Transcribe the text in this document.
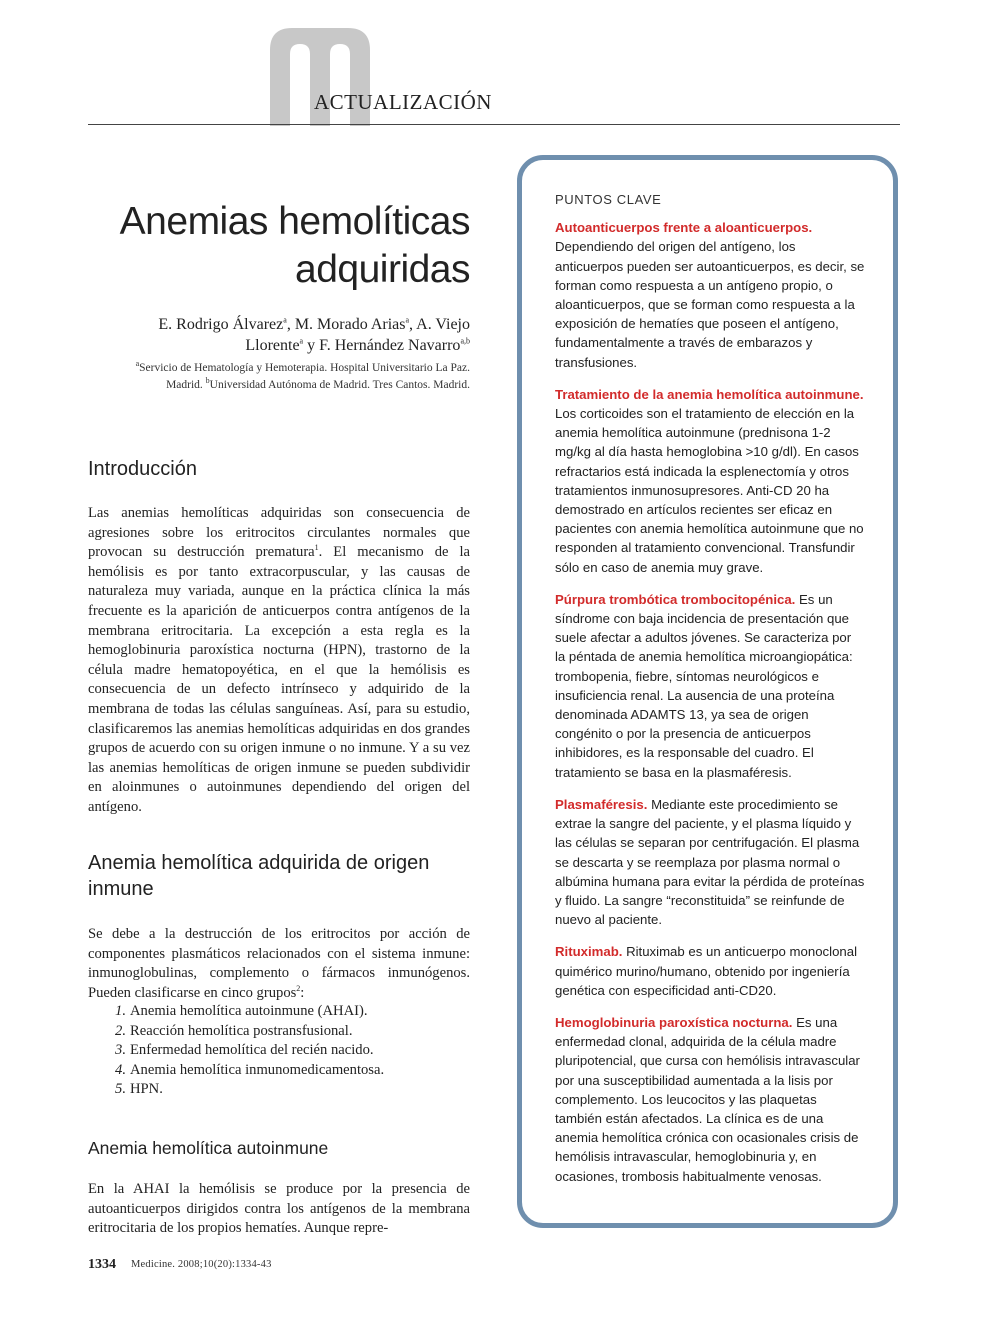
ACTUALIZACIÓN
Anemias hemolíticas
adquiridas
E. Rodrigo Álvarez$^a$, M. Morado Arias$^a$, A. Viejo
Llorente$^a$ y F. Hernández Navarro$^{a,b}$
$^a$Servicio de Hematología y Hemoterapia. Hospital Universitario La Paz.
Madrid. $^b$Universidad Autónoma de Madrid. Tres Cantos. Madrid.
Introducción
Las anemias hemolíticas adquiridas son consecuencia de agresiones sobre los eritrocitos circulantes normales que provocan su destrucción prematura$^1$. El mecanismo de la hemólisis es por tanto extracorpuscular, y las causas de naturaleza muy variada, aunque en la práctica clínica la más frecuente es la aparición de anticuerpos contra antígenos de la membrana eritrocitaria. La excepción a esta regla es la hemoglobinuria paroxística nocturna (HPN), trastorno de la célula madre hematopoyética, en el que la hemólisis es consecuencia de un defecto intrínseco y adquirido de la membrana de todas las células sanguíneas. Así, para su estudio, clasificaremos las anemias hemolíticas adquiridas en dos grandes grupos de acuerdo con su origen inmune o no inmune. Y a su vez las anemias hemolíticas de origen inmune se pueden subdividir en aloinmunes o autoinmunes dependiendo del origen del antígeno.
Anemia hemolítica adquirida de origen inmune
Se debe a la destrucción de los eritrocitos por acción de componentes plasmáticos relacionados con el sistema inmune: inmunoglobulinas, complemento o fármacos inmunógenos. Pueden clasificarse en cinco grupos$^2$:
1. Anemia hemolítica autoinmune (AHAI).
2. Reacción hemolítica postransfusional.
3. Enfermedad hemolítica del recién nacido.
4. Anemia hemolítica inmunomedicamentosa.
5. HPN.
Anemia hemolítica autoinmune
En la AHAI la hemólisis se produce por la presencia de autoanticuerpos dirigidos contra los antígenos de la membrana eritrocitaria de los propios hematíes. Aunque repre-
1334 Medicine. 2008;10(20):1334-43
PUNTOS CLAVE
Autoanticuerpos frente a aloanticuerpos.
Dependiendo del origen del antígeno, los anticuerpos pueden ser autoanticuerpos, es decir, se forman como respuesta a un antígeno propio, o aloanticuerpos, que se forman como respuesta a la exposición de hematíes que poseen el antígeno, fundamentalmente a través de embarazos y transfusiones.
Tratamiento de la anemia hemolítica autoinmune.
Los corticoides son el tratamiento de elección en la anemia hemolítica autoinmune (prednisona 1-2 mg/kg al día hasta hemoglobina >10 g/dl). En casos refractarios está indicada la esplenectomía y otros tratamientos inmunosupresores. Anti-CD 20 ha demostrado en artículos recientes ser eficaz en pacientes con anemia hemolítica autoinmune que no responden al tratamiento convencional. Transfundir sólo en caso de anemia muy grave.
Púrpura trombótica trombocitopénica. Es un síndrome con baja incidencia de presentación que suele afectar a adultos jóvenes. Se caracteriza por la péntada de anemia hemolítica microangiopática: trombopenia, fiebre, síntomas neurológicos e insuficiencia renal. La ausencia de una proteína denominada ADAMTS 13, ya sea de origen congénito o por la presencia de anticuerpos inhibidores, es la responsable del cuadro. El tratamiento se basa en la plasmaféresis.
Plasmaféresis. Mediante este procedimiento se extrae la sangre del paciente, y el plasma líquido y las células se separan por centrifugación. El plasma se descarta y se reemplaza por plasma normal o albúmina humana para evitar la pérdida de proteínas y fluido. La sangre “reconstituida” se reinfunde de nuevo al paciente.
Rituximab. Rituximab es un anticuerpo monoclonal quimérico murino/humano, obtenido por ingeniería genética con especificidad anti-CD20.
Hemoglobinuria paroxística nocturna. Es una enfermedad clonal, adquirida de la célula madre pluripotencial, que cursa con hemólisis intravascular por una susceptibilidad aumentada a la lisis por complemento. Los leucocitos y las plaquetas también están afectados. La clínica es de una anemia hemolítica crónica con ocasionales crisis de hemólisis intravascular, hemoglobinuria y, en ocasiones, trombosis habitualmente venosas.
